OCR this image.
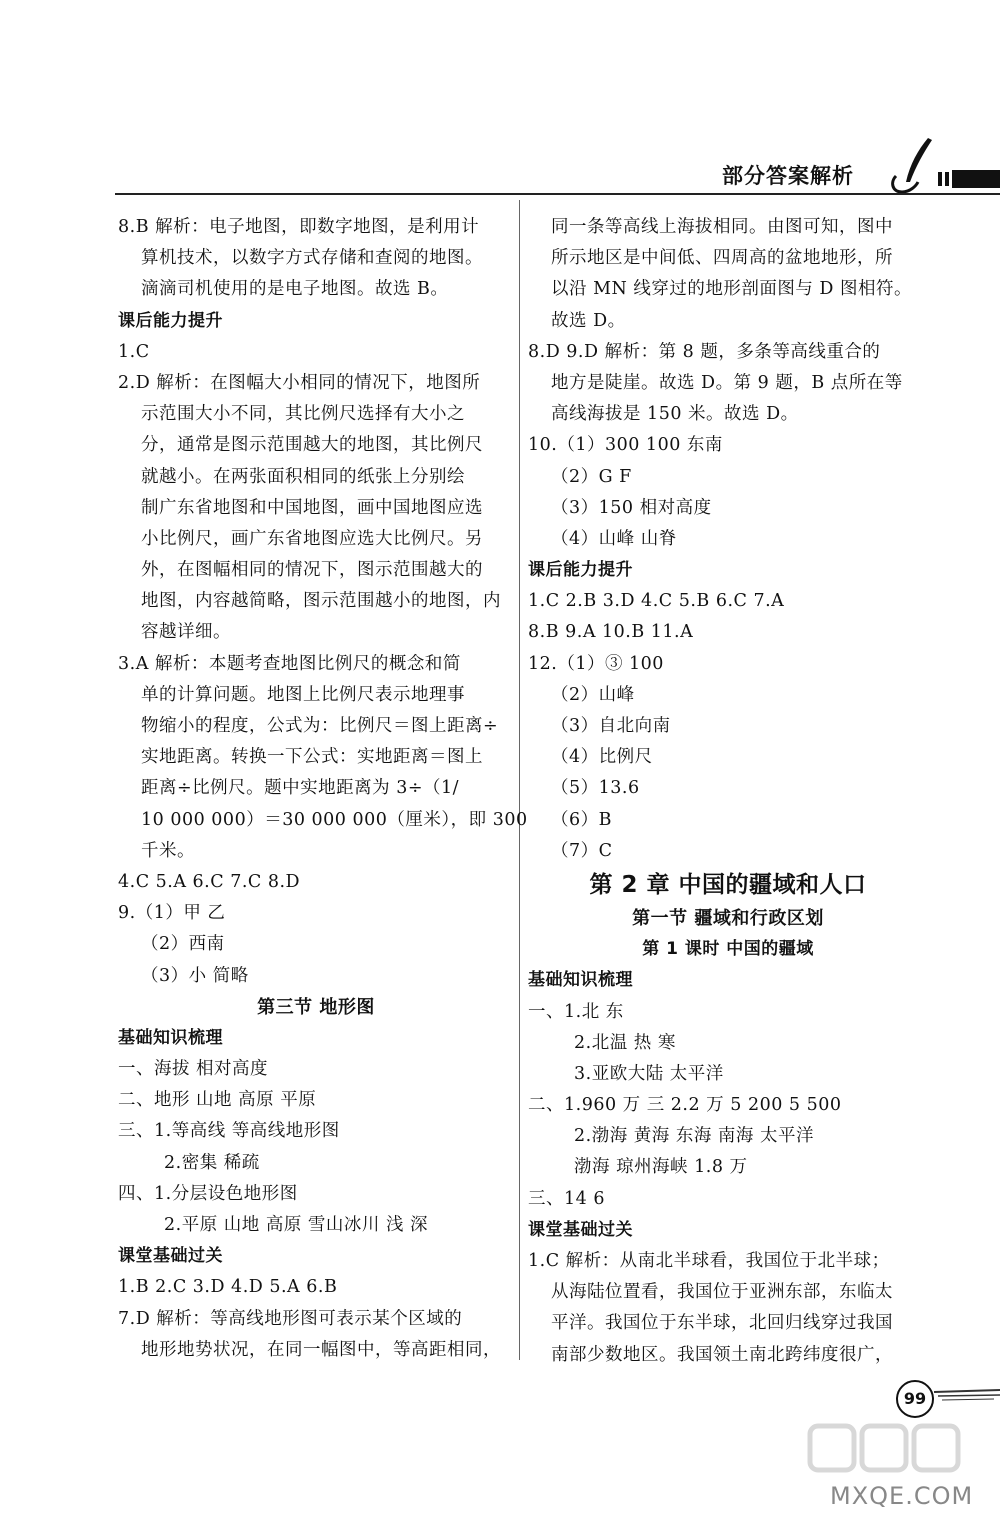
部分答案解析
8.B 解析：电子地图，即数字地图，是利用计
算机技术，以数字方式存储和查阅的地图。
滴滴司机使用的是电子地图。故选 B。
课后能力提升
1.C
2.D 解析：在图幅大小相同的情况下，地图所
示范围大小不同，其比例尺选择有大小之
分，通常是图示范围越大的地图，其比例尺
就越小。在两张面积相同的纸张上分别绘
制广东省地图和中国地图，画中国地图应选
小比例尺，画广东省地图应选大比例尺。另
外，在图幅相同的情况下，图示范围越大的
地图，内容越简略，图示范围越小的地图，内
容越详细。
3.A 解析：本题考查地图比例尺的概念和简
单的计算问题。地图上比例尺表示地理事
物缩小的程度，公式为：比例尺＝图上距离÷
实地距离。转换一下公式：实地距离＝图上
距离÷比例尺。题中实地距离为 3÷（1/
10 000 000）＝30 000 000（厘米），即 300
千米。
4.C 5.A 6.C 7.C 8.D
9.（1）甲 乙
（2）西南
（3）小 简略
第三节 地形图
基础知识梳理
一、海拔 相对高度
二、地形 山地 高原 平原
三、1.等高线 等高线地形图
2.密集 稀疏
四、1.分层设色地形图
2.平原 山地 高原 雪山冰川 浅 深
课堂基础过关
1.B 2.C 3.D 4.D 5.A 6.B
7.D 解析：等高线地形图可表示某个区域的
地形地势状况，在同一幅图中，等高距相同，
同一条等高线上海拔相同。由图可知，图中
所示地区是中间低、四周高的盆地地形，所
以沿 MN 线穿过的地形剖面图与 D 图相符。
故选 D。
8.D 9.D 解析：第 8 题，多条等高线重合的
地方是陡崖。故选 D。第 9 题，B 点所在等
高线海拔是 150 米。故选 D。
10.（1）300 100 东南
（2）G F
（3）150 相对高度
（4）山峰 山脊
课后能力提升
1.C 2.B 3.D 4.C 5.B 6.C 7.A
8.B 9.A 10.B 11.A
12.（1）③ 100
（2）山峰
（3）自北向南
（4）比例尺
（5）13.6
（6）B
（7）C
第 2 章 中国的疆域和人口
第一节 疆域和行政区划
第 1 课时 中国的疆域
基础知识梳理
一、1.北 东
2.北温 热 寒
3.亚欧大陆 太平洋
二、1.960 万 三 2.2 万 5 200 5 500
2.渤海 黄海 东海 南海 太平洋
渤海 琼州海峡 1.8 万
三、14 6
课堂基础过关
1.C 解析：从南北半球看，我国位于北半球；
从海陆位置看，我国位于亚洲东部，东临太
平洋。我国位于东半球，北回归线穿过我国
南部少数地区。我国领土南北跨纬度很广，
99
MXQE.COM
